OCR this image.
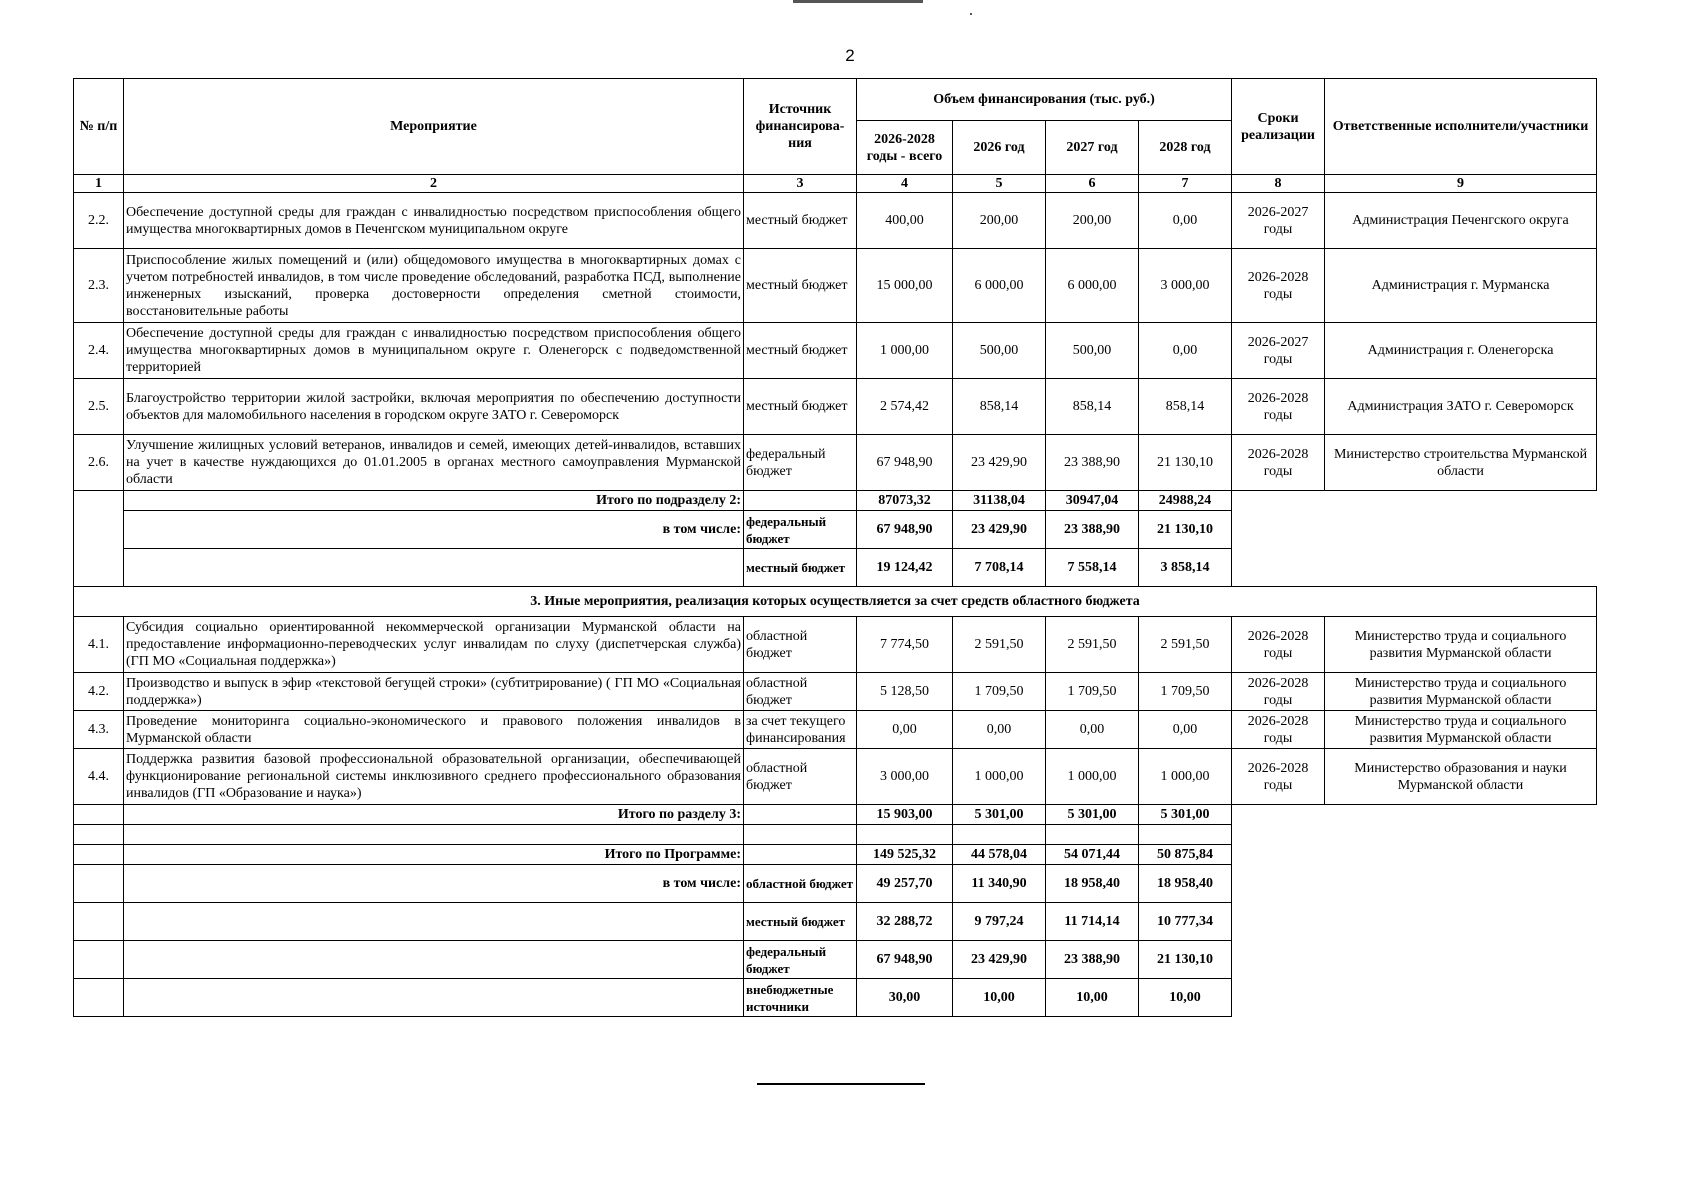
2
№ п/п	Мероприятие	Источник финансирова-ния	Объем финансирования (тыс. руб.)				Сроки реализации	Ответственные исполнители/участники
			2026-2028 годы - всего	2026 год	2027 год	2028 год		
1	2	3	4	5	6	7	8	9
2.2.	Обеспечение доступной среды для граждан с инвалидностью посредством приспособления общего имущества многоквартирных домов в Печенгском муниципальном округе	местный бюджет	400,00	200,00	200,00	0,00	2026-2027 годы	Администрация Печенгского округа
2.3.	Приспособление жилых помещений и (или) общедомового имущества в многоквартирных домах с учетом потребностей инвалидов, в том числе проведение обследований, разработка ПСД, выполнение инженерных изысканий, проверка достоверности определения сметной стоимости, восстановительные работы	местный бюджет	15 000,00	6 000,00	6 000,00	3 000,00	2026-2028 годы	Администрация г. Мурманска
2.4.	Обеспечение доступной среды для граждан с инвалидностью посредством приспособления общего имущества многоквартирных домов в муниципальном округе г. Оленегорск с подведомственной территорией	местный бюджет	1 000,00	500,00	500,00	0,00	2026-2027 годы	Администрация г. Оленегорска
2.5.	Благоустройство территории жилой застройки, включая мероприятия по обеспечению доступности объектов для маломобильного населения в городском округе ЗАТО г. Североморск	местный бюджет	2 574,42	858,14	858,14	858,14	2026-2028 годы	Администрация ЗАТО г. Североморск
2.6.	Улучшение жилищных условий ветеранов, инвалидов и семей, имеющих детей-инвалидов, вставших на учет в качестве нуждающихся до 01.01.2005 в органах местного самоуправления Мурманской области	федеральный бюджет	67 948,90	23 429,90	23 388,90	21 130,10	2026-2028 годы	Министерство строительства Мурманской области
	Итого по подразделу 2:		87073,32	31138,04	30947,04	24988,24		
	в том числе:	федеральный бюджет	67 948,90	23 429,90	23 388,90	21 130,10		
		местный бюджет	19 124,42	7 708,14	7 558,14	3 858,14		
3. Иные мероприятия, реализация которых осуществляется за счет средств областного бюджета								
4.1.	Субсидия социально ориентированной некоммерческой организации Мурманской области на предоставление информационно-переводческих услуг инвалидам по слуху (диспетчерская служба) (ГП МО «Социальная поддержка»)	областной бюджет	7 774,50	2 591,50	2 591,50	2 591,50	2026-2028 годы	Министерство труда и социального развития Мурманской области
4.2.	Производство и выпуск в эфир «текстовой бегущей строки» (субтитрирование) ( ГП МО «Социальная поддержка»)	областной бюджет	5 128,50	1 709,50	1 709,50	1 709,50	2026-2028 годы	Министерство труда и социального развития Мурманской области
4.3.	Проведение мониторинга социально-экономического и правового положения инвалидов в Мурманской области	за счет текущего финансирования	0,00	0,00	0,00	0,00	2026-2028 годы	Министерство труда и социального развития Мурманской области
4.4.	Поддержка развития базовой профессиональной образовательной организации, обеспечивающей функционирование региональной системы инклюзивного среднего профессионального образования инвалидов (ГП «Образование и наука»)	областной бюджет	3 000,00	1 000,00	1 000,00	1 000,00	2026-2028 годы	Министерство образования и науки Мурманской области
	Итого по разделу 3:		15 903,00	5 301,00	5 301,00	5 301,00		

	Итого по Программе:		149 525,32	44 578,04	54 071,44	50 875,84		
	в том числе:	областной бюджет	49 257,70	11 340,90	18 958,40	18 958,40		
		местный бюджет	32 288,72	9 797,24	11 714,14	10 777,34		
		федеральный бюджет	67 948,90	23 429,90	23 388,90	21 130,10		
		внебюджетные источники	30,00	10,00	10,00	10,00		
